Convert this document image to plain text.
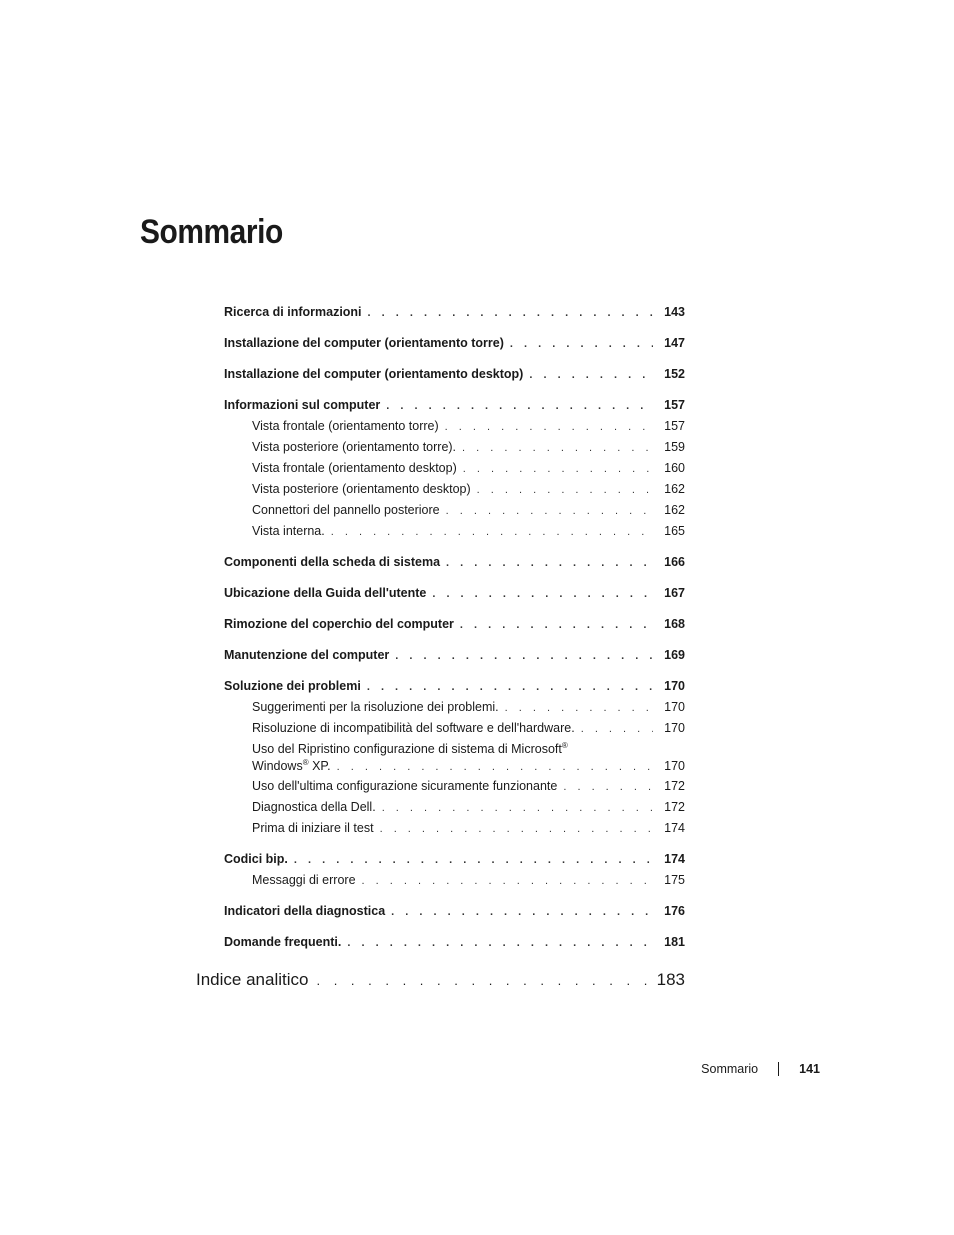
Sommario
Ricerca di informazioni . . .	143
Installazione del computer (orientamento torre) . . .	147
Installazione del computer (orientamento desktop) . . .	152
Informazioni sul computer . . .	157
Vista frontale (orientamento torre) . . .	157
Vista posteriore (orientamento torre). . . .	159
Vista frontale (orientamento desktop) . . .	160
Vista posteriore (orientamento desktop) . . .	162
Connettori del pannello posteriore . . .	162
Vista interna. . . .	165
Componenti della scheda di sistema . . .	166
Ubicazione della Guida dell'utente . . .	167
Rimozione del coperchio del computer . . .	168
Manutenzione del computer . . .	169
Soluzione dei problemi . . .	170
Suggerimenti per la risoluzione dei problemi. . . .	170
Risoluzione di incompatibilità del software e dell'hardware. . . .	170
Uso del Ripristino configurazione di sistema di Microsoft®
Windows® XP. . . .	170
Uso dell'ultima configurazione sicuramente funzionante . . .	172
Diagnostica della Dell. . . .	172
Prima di iniziare il test . . .	174
Codici bip. . . .	174
Messaggi di errore . . .	175
Indicatori della diagnostica . . .	176
Domande frequenti. . . .	181
Indice analitico . . .	183
Sommario	141
